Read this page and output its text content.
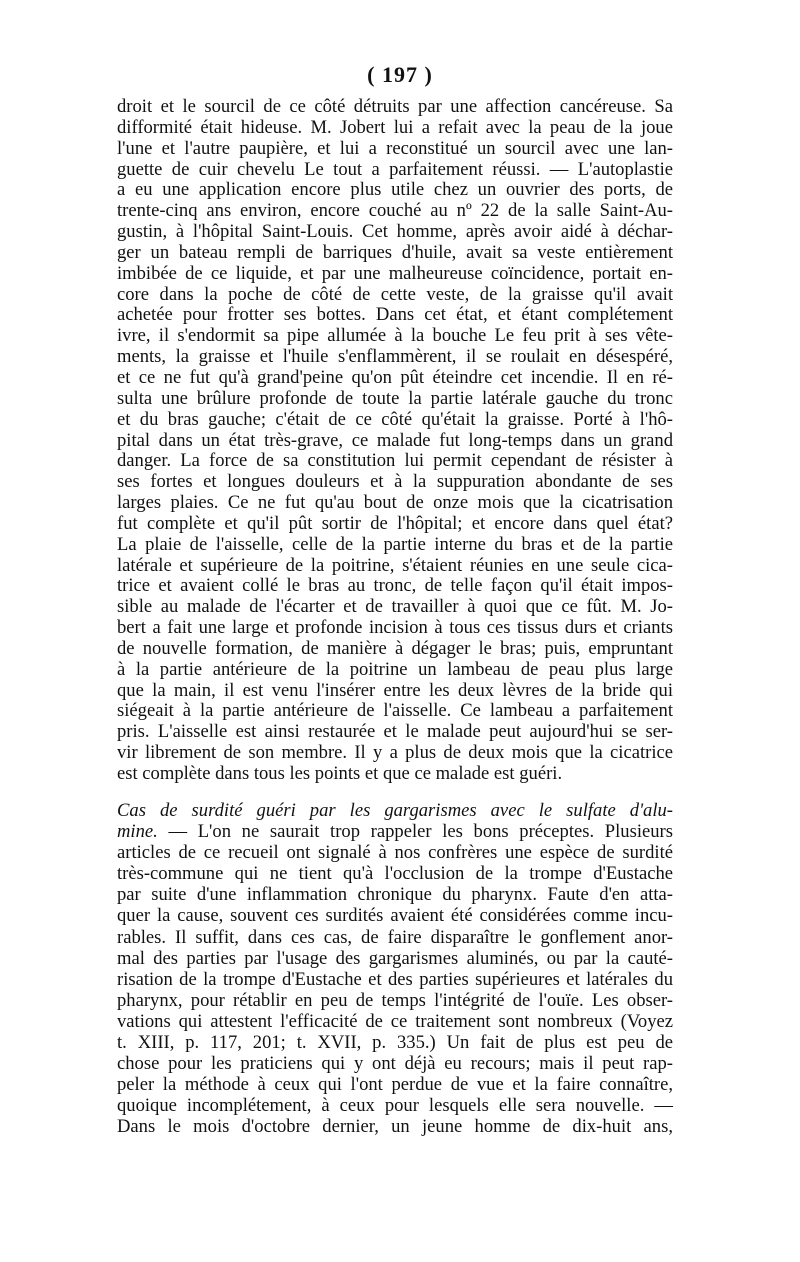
( 197 )
droit et le sourcil de ce côté détruits par une affection cancéreuse. Sa
difformité était hideuse. M. Jobert lui a refait avec la peau de la joue
l'une et l'autre paupière, et lui a reconstitué un sourcil avec une lan-
guette de cuir chevelu Le tout a parfaitement réussi. — L'autoplastie
a eu une application encore plus utile chez un ouvrier des ports, de
trente-cinq ans environ, encore couché au nº 22 de la salle Saint-Au-
gustin, à l'hôpital Saint-Louis. Cet homme, après avoir aidé à déchar-
ger un bateau rempli de barriques d'huile, avait sa veste entièrement
imbibée de ce liquide, et par une malheureuse coïncidence, portait en-
core dans la poche de côté de cette veste, de la graisse qu'il avait
achetée pour frotter ses bottes. Dans cet état, et étant complétement
ivre, il s'endormit sa pipe allumée à la bouche Le feu prit à ses vête-
ments, la graisse et l'huile s'enflammèrent, il se roulait en désespéré,
et ce ne fut qu'à grand'peine qu'on pût éteindre cet incendie. Il en ré-
sulta une brûlure profonde de toute la partie latérale gauche du tronc
et du bras gauche; c'était de ce côté qu'était la graisse. Porté à l'hô-
pital dans un état très-grave, ce malade fut long-temps dans un grand
danger. La force de sa constitution lui permit cependant de résister à
ses fortes et longues douleurs et à la suppuration abondante de ses
larges plaies. Ce ne fut qu'au bout de onze mois que la cicatrisation
fut complète et qu'il pût sortir de l'hôpital; et encore dans quel état?
La plaie de l'aisselle, celle de la partie interne du bras et de la partie
latérale et supérieure de la poitrine, s'étaient réunies en une seule cica-
trice et avaient collé le bras au tronc, de telle façon qu'il était impos-
sible au malade de l'écarter et de travailler à quoi que ce fût. M. Jo-
bert a fait une large et profonde incision à tous ces tissus durs et criants
de nouvelle formation, de manière à dégager le bras; puis, empruntant
à la partie antérieure de la poitrine un lambeau de peau plus large
que la main, il est venu l'insérer entre les deux lèvres de la bride qui
siégeait à la partie antérieure de l'aisselle. Ce lambeau a parfaitement
pris. L'aisselle est ainsi restaurée et le malade peut aujourd'hui se ser-
vir librement de son membre. Il y a plus de deux mois que la cicatrice
est complète dans tous les points et que ce malade est guéri.
Cas de surdité guéri par les gargarismes avec le sulfate d'alu-
mine. — L'on ne saurait trop rappeler les bons préceptes. Plusieurs
articles de ce recueil ont signalé à nos confrères une espèce de surdité
très-commune qui ne tient qu'à l'occlusion de la trompe d'Eustache
par suite d'une inflammation chronique du pharynx. Faute d'en atta-
quer la cause, souvent ces surdités avaient été considérées comme incu-
rables. Il suffit, dans ces cas, de faire disparaître le gonflement anor-
mal des parties par l'usage des gargarismes aluminés, ou par la cauté-
risation de la trompe d'Eustache et des parties supérieures et latérales du
pharynx, pour rétablir en peu de temps l'intégrité de l'ouïe. Les obser-
vations qui attestent l'efficacité de ce traitement sont nombreux (Voyez
t. XIII, p. 117, 201; t. XVII, p. 335.) Un fait de plus est peu de
chose pour les praticiens qui y ont déjà eu recours; mais il peut rap-
peler la méthode à ceux qui l'ont perdue de vue et la faire connaître,
quoique incomplétement, à ceux pour lesquels elle sera nouvelle. —
Dans le mois d'octobre dernier, un jeune homme de dix-huit ans,
